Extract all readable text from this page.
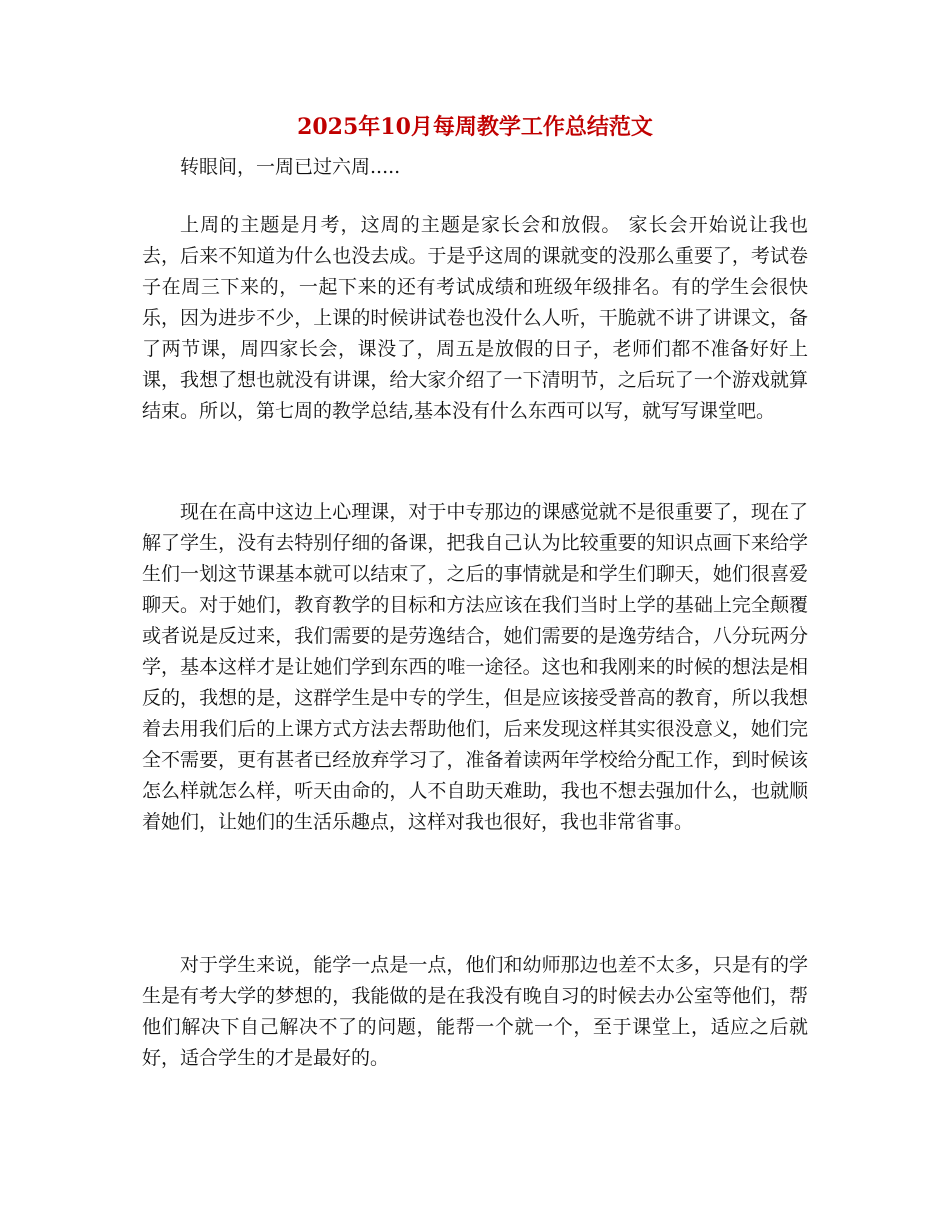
2025年10月每周教学工作总结范文

转眼间，一周已过六周.....

上周的主题是月考，这周的主题是家长会和放假。 家长会开始说让我也去，后来不知道为什么也没去成。于是乎这周的课就变的没那么重要了，考试卷子在周三下来的，一起下来的还有考试成绩和班级年级排名。有的学生会很快乐，因为进步不少，上课的时候讲试卷也没什么人听，干脆就不讲了讲课文，备了两节课，周四家长会，课没了，周五是放假的日子，老师们都不准备好好上课，我想了想也就没有讲课，给大家介绍了一下清明节，之后玩了一个游戏就算结束。所以，第七周的教学总结,基本没有什么东西可以写，就写写课堂吧。

现在在高中这边上心理课，对于中专那边的课感觉就不是很重要了，现在了解了学生，没有去特别仔细的备课，把我自己认为比较重要的知识点画下来给学生们一划这节课基本就可以结束了，之后的事情就是和学生们聊天，她们很喜爱聊天。对于她们，教育教学的目标和方法应该在我们当时上学的基础上完全颠覆或者说是反过来，我们需要的是劳逸结合，她们需要的是逸劳结合，八分玩两分学，基本这样才是让她们学到东西的唯一途径。这也和我刚来的时候的想法是相反的，我想的是，这群学生是中专的学生，但是应该接受普高的教育，所以我想着去用我们后的上课方式方法去帮助他们，后来发现这样其实很没意义，她们完全不需要，更有甚者已经放弃学习了，准备着读两年学校给分配工作，到时候该怎么样就怎么样，听天由命的，人不自助天难助，我也不想去强加什么，也就顺着她们，让她们的生活乐趣点，这样对我也很好，我也非常省事。

对于学生来说，能学一点是一点，他们和幼师那边也差不太多，只是有的学生是有考大学的梦想的，我能做的是在我没有晚自习的时候去办公室等他们，帮他们解决下自己解决不了的问题，能帮一个就一个，至于课堂上，适应之后就好，适合学生的才是最好的。
